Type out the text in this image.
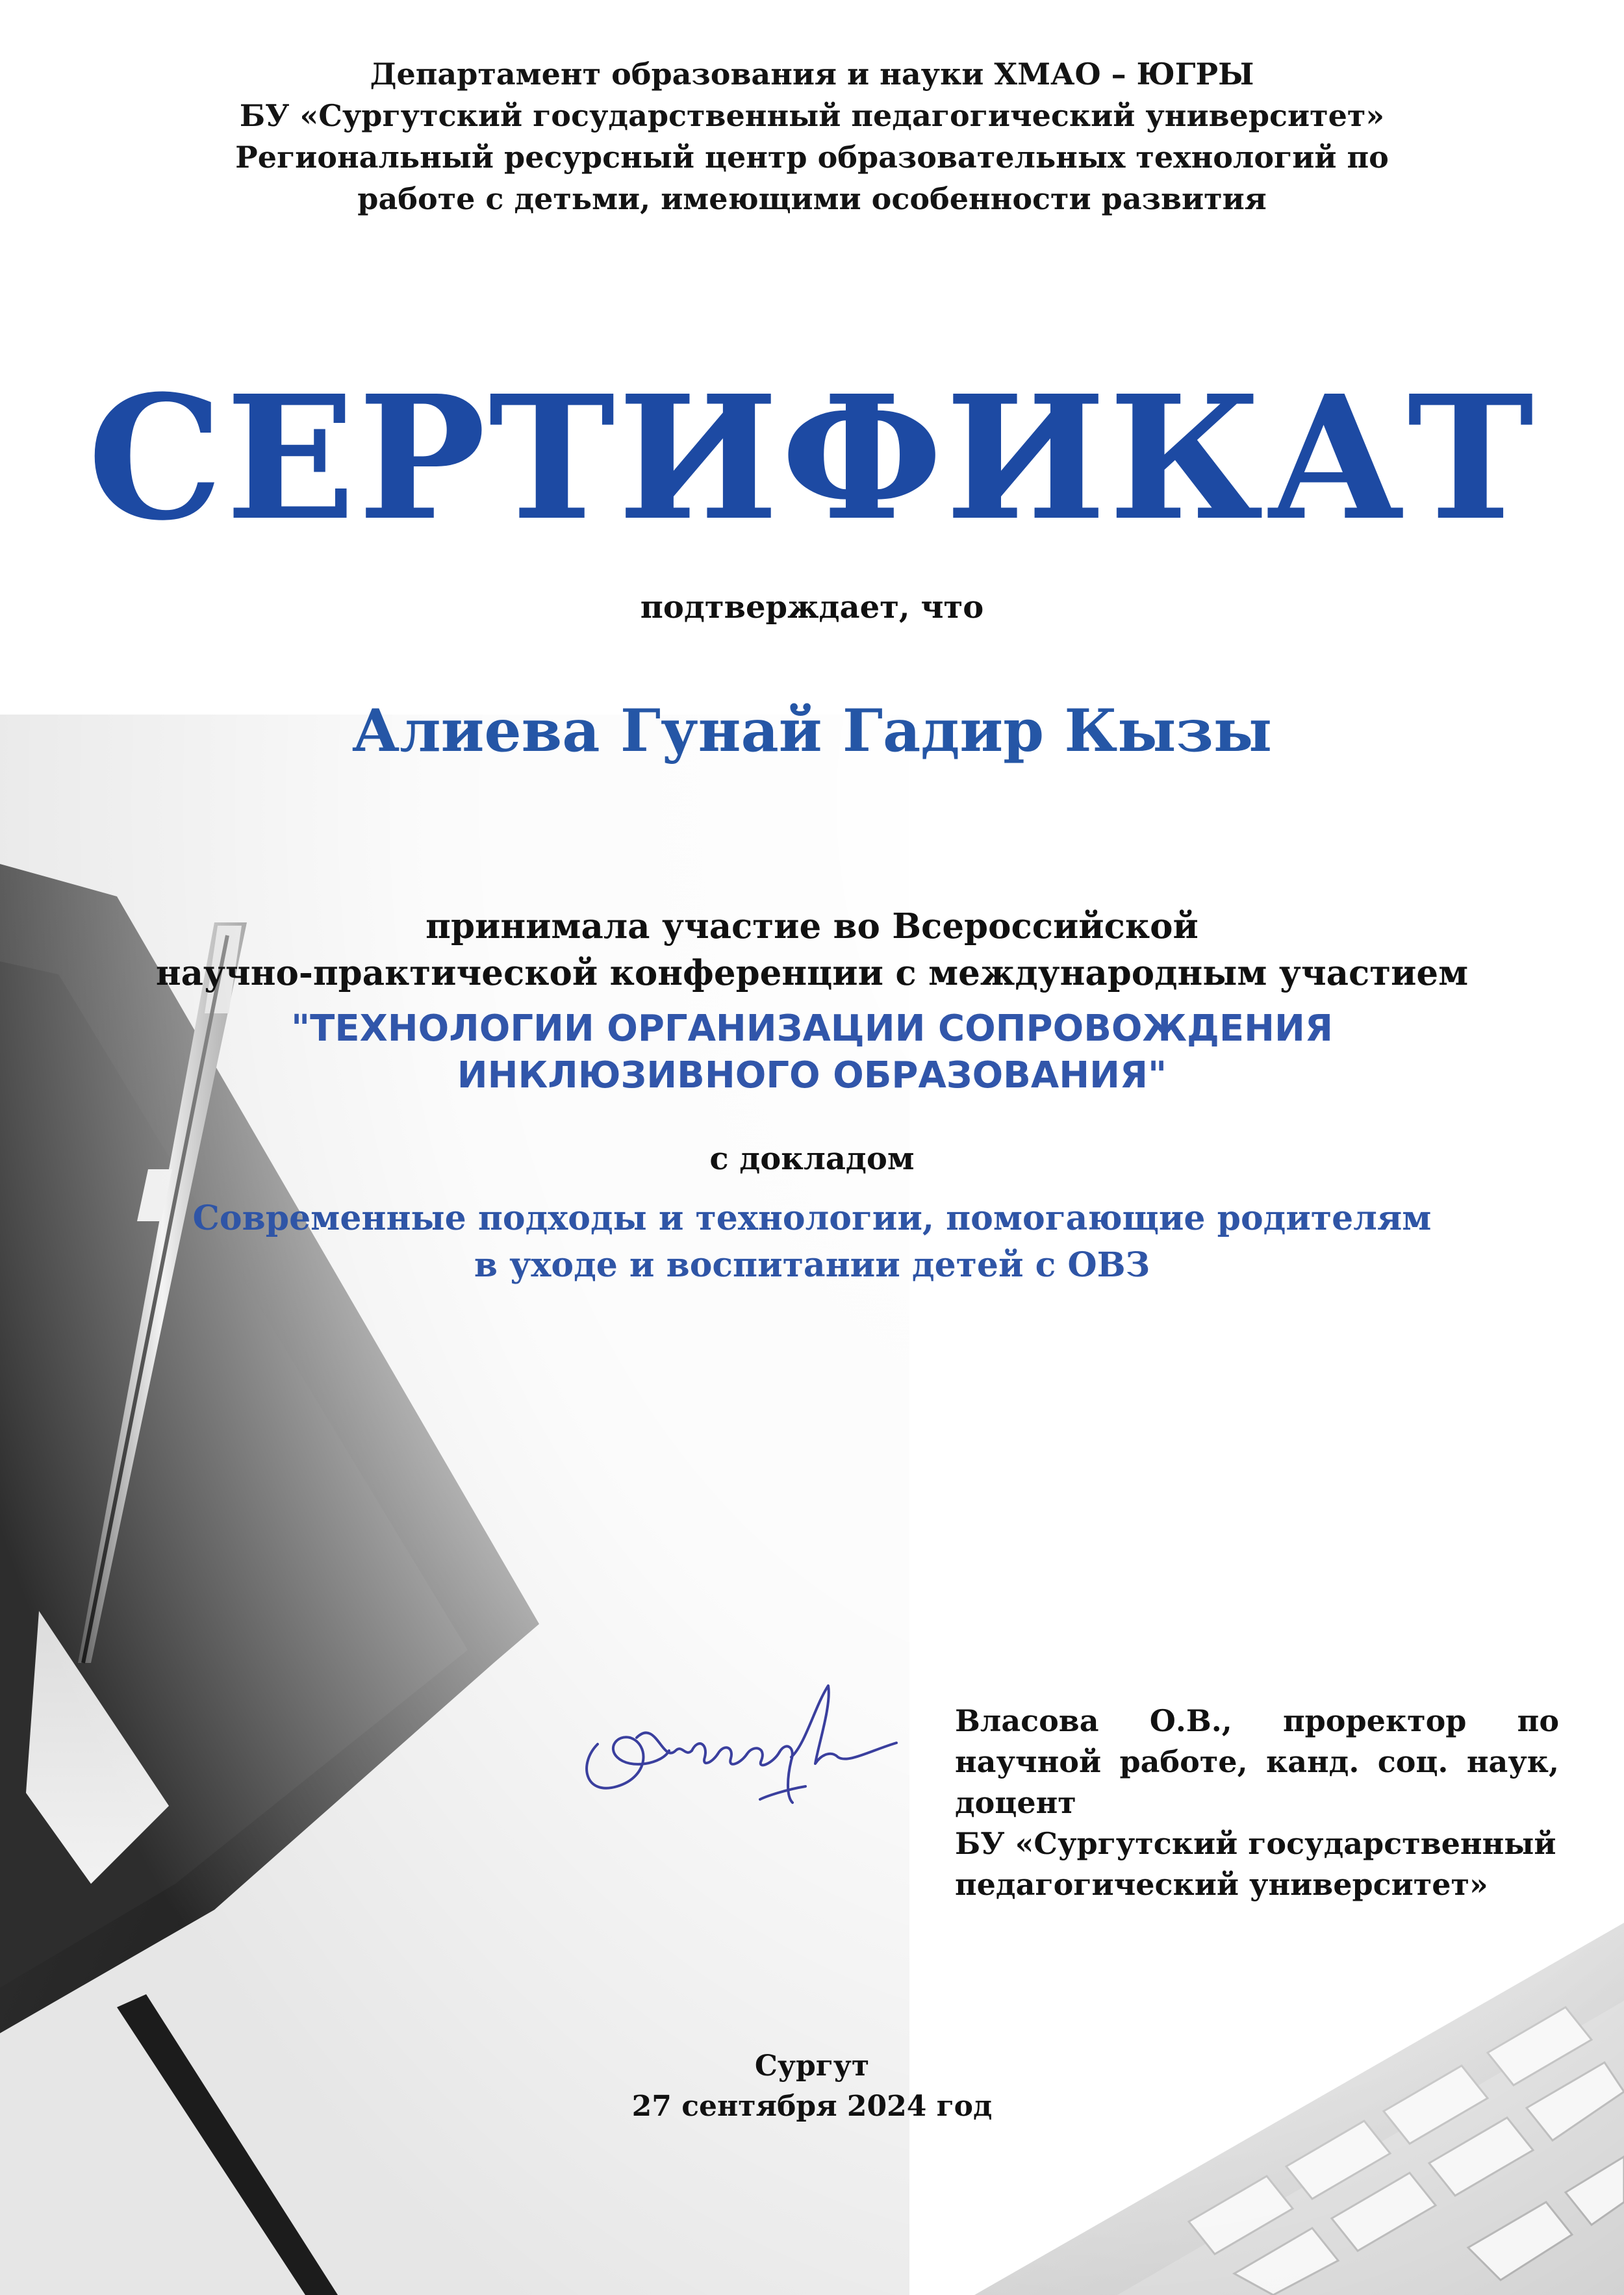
Департамент образования и науки ХМАО – ЮГРЫ
БУ «Сургутский государственный педагогический университет»
Региональный ресурсный центр образовательных технологий по
работе с детьми, имеющими особенности развития
СЕРТИФИКАТ
подтверждает, что
Алиева Гунай Гадир Кызы
принимала участие во Всероссийской
научно-практической конференции с международным участием
"ТЕХНОЛОГИИ ОРГАНИЗАЦИИ СОПРОВОЖДЕНИЯ
ИНКЛЮЗИВНОГО ОБРАЗОВАНИЯ"
с докладом
Современные подходы и технологии, помогающие родителям
в уходе и воспитании детей с ОВЗ
Власова О.В., проректор по
научной работе, канд. соц. наук,
доцент
БУ «Сургутский государственный
педагогический университет»
Сургут
27 сентября 2024 год
